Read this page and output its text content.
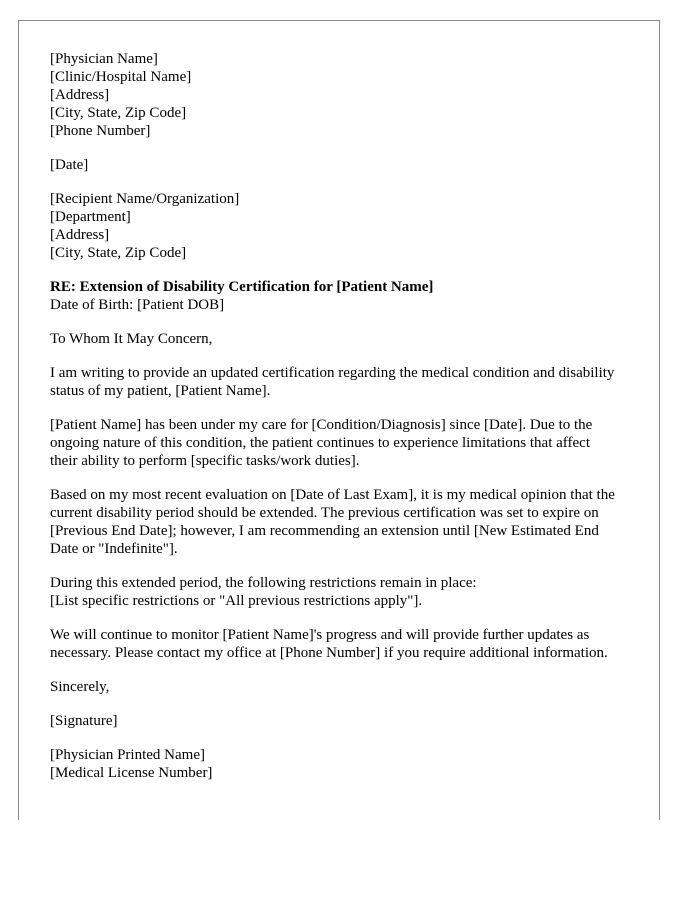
[Physician Name]
[Clinic/Hospital Name]
[Address]
[City, State, Zip Code]
[Phone Number]
[Date]
[Recipient Name/Organization]
[Department]
[Address]
[City, State, Zip Code]
RE: Extension of Disability Certification for [Patient Name]
Date of Birth: [Patient DOB]
To Whom It May Concern,

I am writing to provide an updated certification regarding the medical condition and disability status of my patient, [Patient Name].

[Patient Name] has been under my care for [Condition/Diagnosis] since [Date]. Due to the ongoing nature of this condition, the patient continues to experience limitations that affect their ability to perform [specific tasks/work duties].

Based on my most recent evaluation on [Date of Last Exam], it is my medical opinion that the current disability period should be extended. The previous certification was set to expire on [Previous End Date]; however, I am recommending an extension until [New Estimated End Date or "Indefinite"].

During this extended period, the following restrictions remain in place:
[List specific restrictions or "All previous restrictions apply"].

We will continue to monitor [Patient Name]'s progress and will provide further updates as necessary. Please contact my office at [Phone Number] if you require additional information.

Sincerely,
[Signature]
[Physician Printed Name]
[Medical License Number]
